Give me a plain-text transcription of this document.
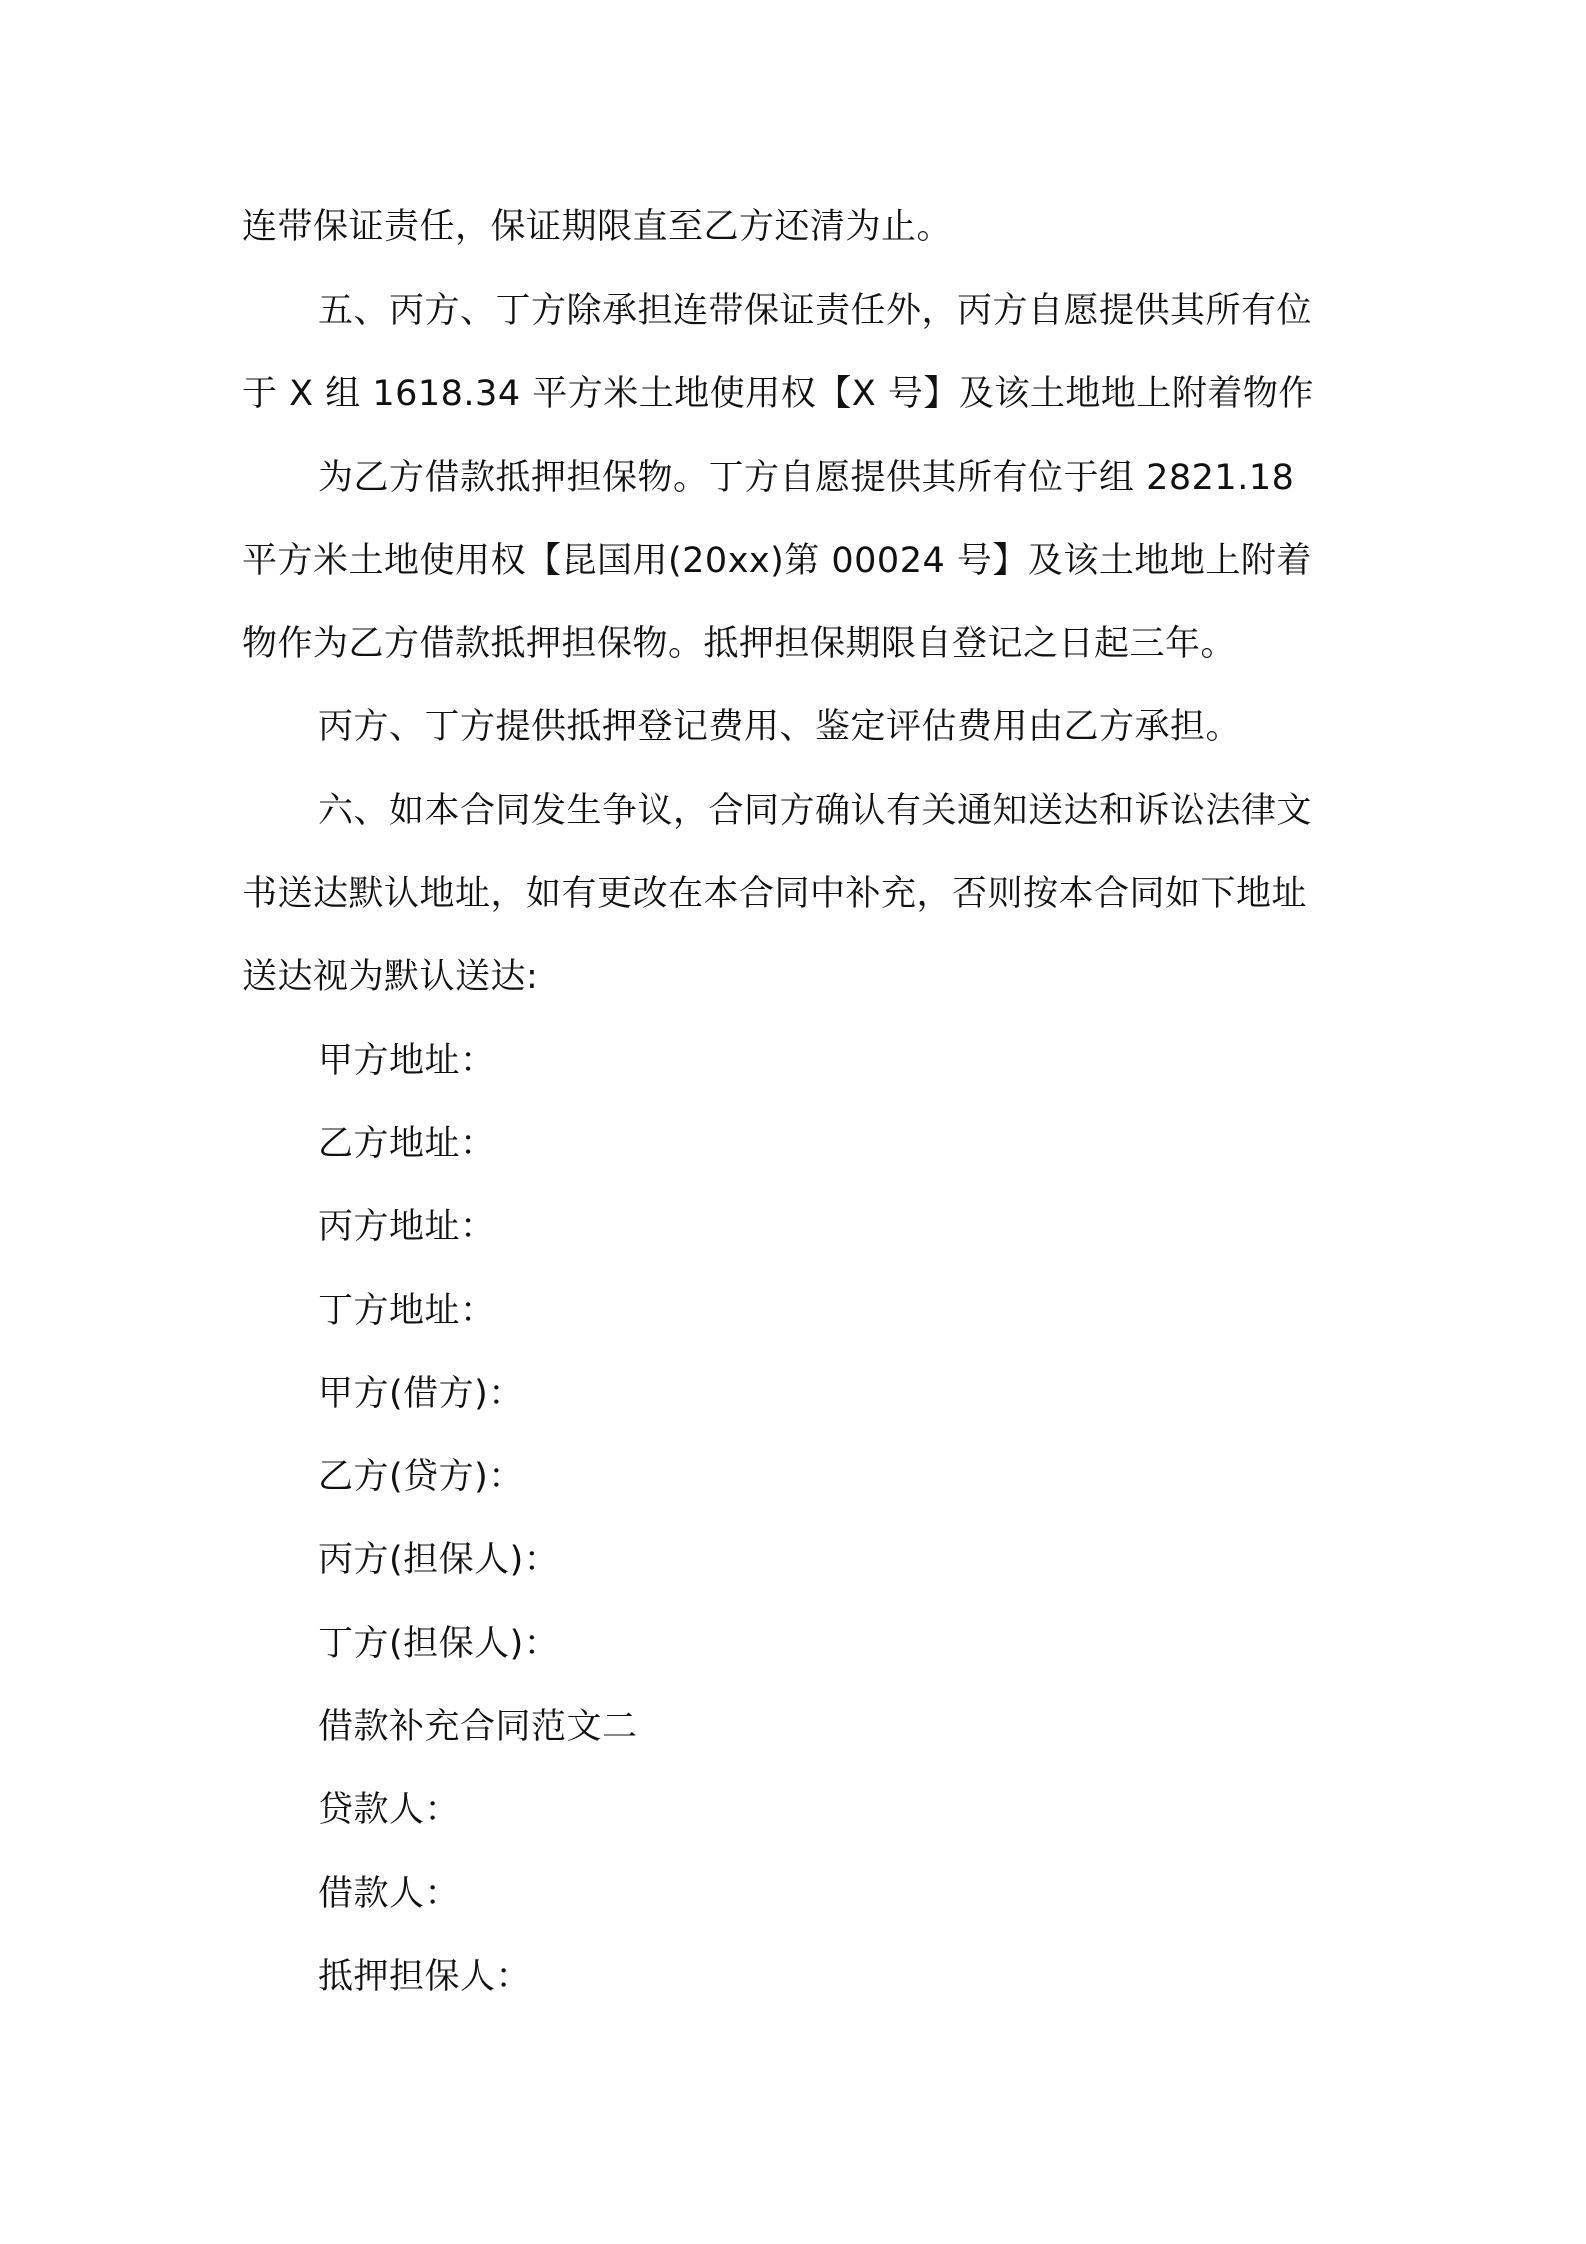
连带保证责任，保证期限直至乙方还清为止。
五、丙方、丁方除承担连带保证责任外，丙方自愿提供其所有位
于 X 组 1618.34 平方米土地使用权【X 号】及该土地地上附着物作
为乙方借款抵押担保物。丁方自愿提供其所有位于组 2821.18
平方米土地使用权【昆国用(20xx)第 00024 号】及该土地地上附着
物作为乙方借款抵押担保物。抵押担保期限自登记之日起三年。
丙方、丁方提供抵押登记费用、鉴定评估费用由乙方承担。
六、如本合同发生争议，合同方确认有关通知送达和诉讼法律文
书送达默认地址，如有更改在本合同中补充，否则按本合同如下地址
送达视为默认送达:
甲方地址：
乙方地址：
丙方地址：
丁方地址：
甲方(借方)：
乙方(贷方)：
丙方(担保人)：
丁方(担保人)：
借款补充合同范文二
贷款人：
借款人：
抵押担保人：
